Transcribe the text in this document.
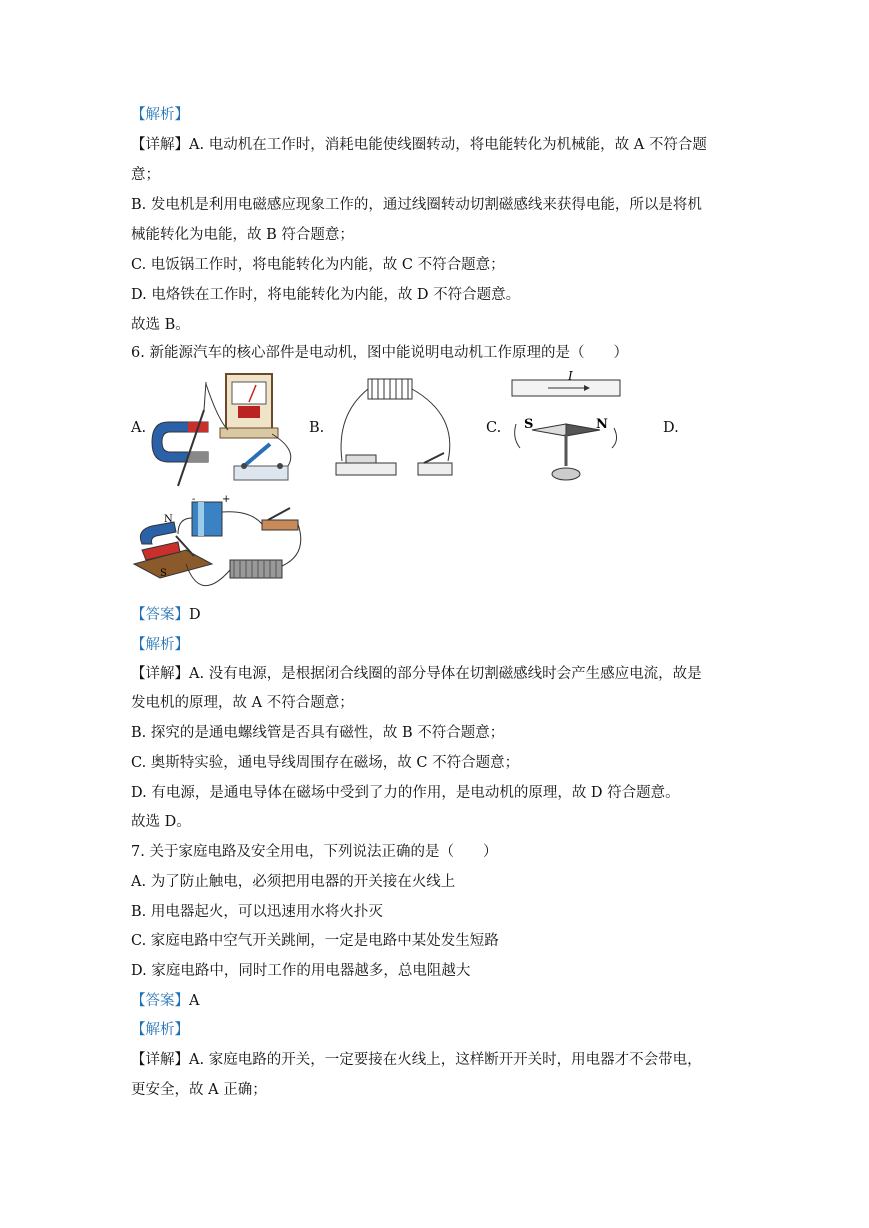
【解析】
【详解】A. 电动机在工作时，消耗电能使线圈转动，将电能转化为机械能，故 A 不符合题
意；
B. 发电机是利用电磁感应现象工作的，通过线圈转动切割磁感线来获得电能，所以是将机
械能转化为电能，故 B 符合题意；
C. 电饭锅工作时，将电能转化为内能，故 C 不符合题意；
D. 电烙铁在工作时，将电能转化为内能，故 D 不符合题意。
故选 B。
6. 新能源汽车的核心部件是电动机，图中能说明电动机工作原理的是（　　）
A.	B.	C.	D.
I
S	N
N
S
-	+
【答案】D
【解析】
【详解】A. 没有电源，是根据闭合线圈的部分导体在切割磁感线时会产生感应电流，故是
发电机的原理，故 A 不符合题意；
B. 探究的是通电螺线管是否具有磁性，故 B 不符合题意；
C. 奥斯特实验，通电导线周围存在磁场，故 C 不符合题意；
D. 有电源，是通电导体在磁场中受到了力的作用，是电动机的原理，故 D 符合题意。
故选 D。
7. 关于家庭电路及安全用电，下列说法正确的是（　　）
A. 为了防止触电，必须把用电器的开关接在火线上
B. 用电器起火，可以迅速用水将火扑灭
C. 家庭电路中空气开关跳闸，一定是电路中某处发生短路
D. 家庭电路中，同时工作的用电器越多，总电阻越大
【答案】A
【解析】
【详解】A. 家庭电路的开关，一定要接在火线上，这样断开开关时，用电器才不会带电，
更安全，故 A 正确；
